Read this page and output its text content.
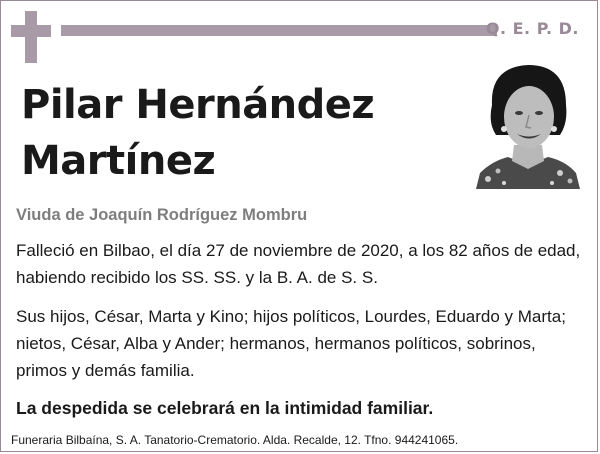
Q. E. P. D.
Pilar Hernández
Martínez
Viuda de Joaquín Rodríguez Mombru
Falleció en Bilbao, el día 27 de noviembre de 2020, a los 82 años de edad, habiendo recibido los SS. SS. y la B. A. de S. S.
Sus hijos, César, Marta y Kino; hijos políticos, Lourdes, Eduardo y Marta; nietos, César, Alba y Ander; hermanos, hermanos políticos, sobrinos, primos y demás familia.
La despedida se celebrará en la intimidad familiar.
Funeraria Bilbaína, S. A. Tanatorio-Crematorio. Alda. Recalde, 12. Tfno. 944241065.
